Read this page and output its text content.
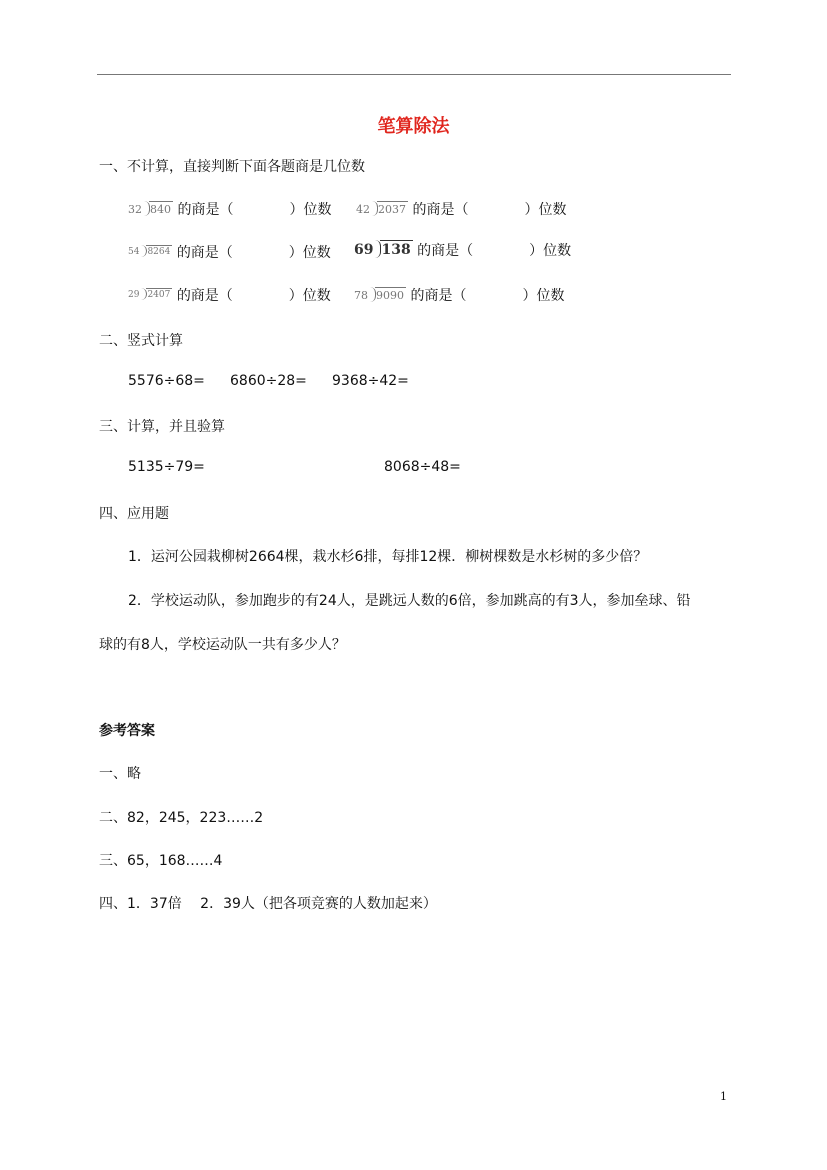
笔算除法
一、不计算，直接判断下面各题商是几位数
32 840 的商是（　　　　）位数 42 2037 的商是（　　　　）位数
54 8264 的商是（　　　　）位数 69 138 的商是（　　　　）位数
29 2407 的商是（　　　　）位数 78 9090 的商是（　　　　）位数
二、竖式计算
5576÷68= 6860÷28= 9368÷42=
三、计算，并且验算
5135÷79=	8068÷48=
四、应用题
1．运河公园栽柳树2664棵，栽水杉6排，每排12棵．柳树棵数是水杉树的多少倍？
2．学校运动队，参加跑步的有24人，是跳远人数的6倍，参加跳高的有3人，参加垒球、铅
球的有8人，学校运动队一共有多少人？
参考答案
一、略
二、82，245，223……2
三、65，168……4
四、1．37倍　 2．39人（把各项竞赛的人数加起来）
1
